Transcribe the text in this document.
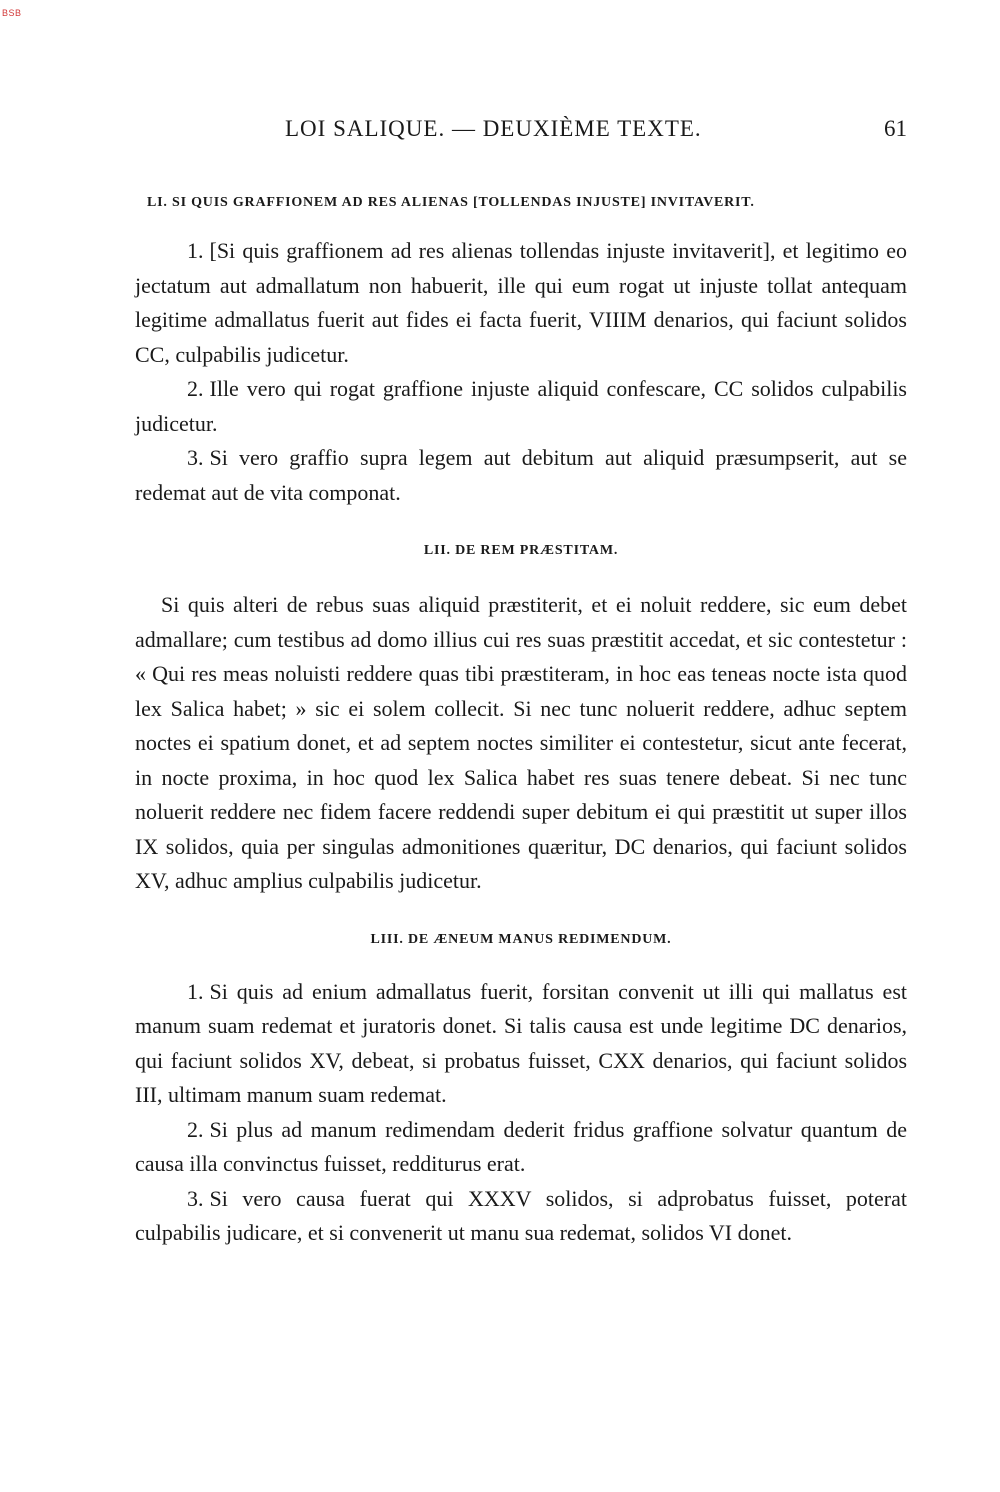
BSB
LOI SALIQUE. — DEUXIÈME TEXTE.	61
LI. SI QUIS GRAFFIONEM AD RES ALIENAS [TOLLENDAS INJUSTE] INVITAVERIT.

1. [Si quis graffionem ad res alienas tollendas injuste invitaverit], et legitimo eo jectatum aut admallatum non habuerit, ille qui eum rogat ut injuste tollat antequam legitime admallatus fuerit aut fides ei facta fuerit, VIIIM denarios, qui faciunt solidos CC, culpabilis judicetur.

2. Ille vero qui rogat graffione injuste aliquid confescare, CC solidos culpabilis judicetur.

3. Si vero graffio supra legem aut debitum aut aliquid præsumpserit, aut se redemat aut de vita componat.

LII. DE REM PRÆSTITAM.

Si quis alteri de rebus suas aliquid præstiterit, et ei noluit reddere, sic eum debet admallare; cum testibus ad domo illius cui res suas præstitit accedat, et sic contestetur : « Qui res meas noluisti reddere quas tibi præstiteram, in hoc eas teneas nocte ista quod lex Salica habet; » sic ei solem collecit. Si nec tunc noluerit reddere, adhuc septem noctes ei spatium donet, et ad septem noctes similiter ei contestetur, sicut ante fecerat, in nocte proxima, in hoc quod lex Salica habet res suas tenere debeat. Si nec tunc noluerit reddere nec fidem facere reddendi super debitum ei qui præstitit ut super illos IX solidos, quia per singulas admonitiones quæritur, DC denarios, qui faciunt solidos XV, adhuc amplius culpabilis judicetur.

LIII. DE ÆNEUM MANUS REDIMENDUM.

1. Si quis ad enium admallatus fuerit, forsitan convenit ut illi qui mallatus est manum suam redemat et juratoris donet. Si talis causa est unde legitime DC denarios, qui faciunt solidos XV, debeat, si probatus fuisset, CXX denarios, qui faciunt solidos III, ultimam manum suam redemat.

2. Si plus ad manum redimendam dederit fridus graffione solvatur quantum de causa illa convinctus fuisset, redditurus erat.

3. Si vero causa fuerat qui XXXV solidos, si adprobatus fuisset, poterat culpabilis judicare, et si convenerit ut manu sua redemat, solidos VI donet.
